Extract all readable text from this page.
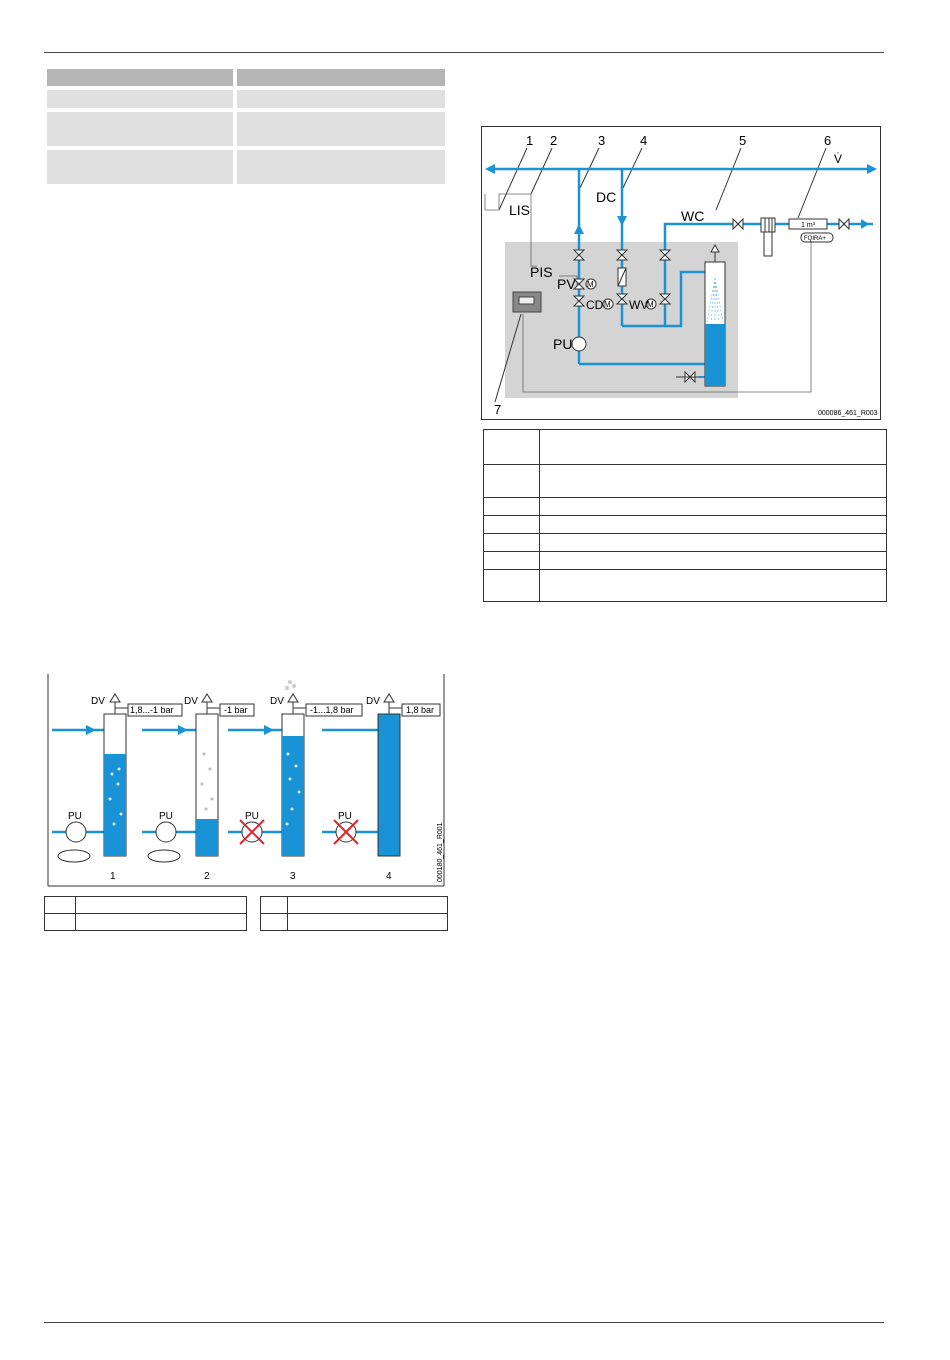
1 2	3	4	5	6
7
1 m³
FQIRA+
M
M	M
LIS
DC
WC
PIS
PV
CD WV
PU
V̇
000086_461_R003

DV
1,8...-1 bar
PU
1
DV
-1 bar
PU
2
DV
-1...1,8 bar
PU
3
DV
1,8 bar
PU
4	000180_461_R001
